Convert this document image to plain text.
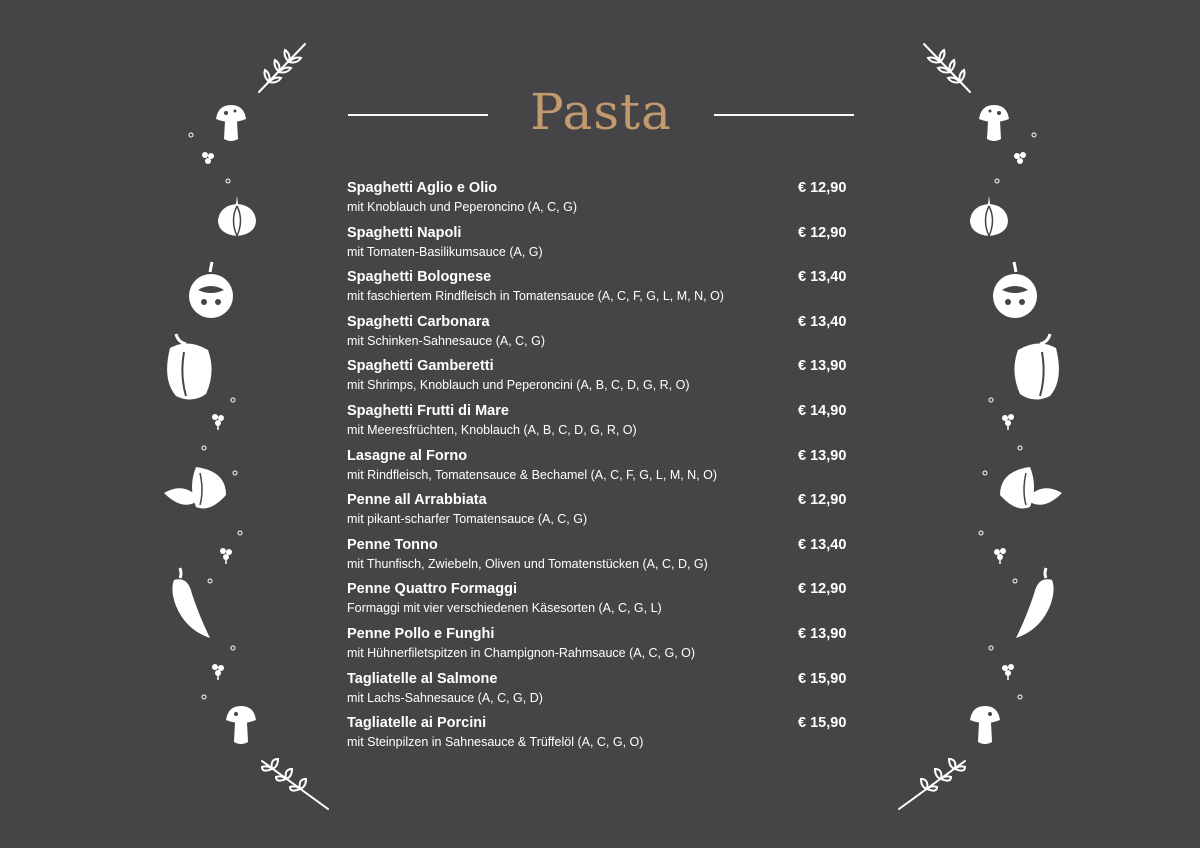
Pasta
Spaghetti Aglio e Olio
mit Knoblauch und Peperoncino (A, C, G)
€ 12,90
Spaghetti Napoli
mit Tomaten-Basilikumsauce (A, G)
€ 12,90
Spaghetti Bolognese
mit faschiertem Rindfleisch in Tomatensauce (A, C, F, G, L, M, N, O)
€ 13,40
Spaghetti Carbonara
mit Schinken-Sahnesauce (A, C, G)
€ 13,40
Spaghetti Gamberetti
mit Shrimps, Knoblauch und Peperoncini (A, B, C, D, G, R, O)
€ 13,90
Spaghetti Frutti di Mare
mit Meeresfrüchten, Knoblauch (A, B, C, D, G, R, O)
€ 14,90
Lasagne al Forno
mit Rindfleisch, Tomatensauce & Bechamel (A, C, F, G, L, M, N, O)
€ 13,90
Penne all Arrabbiata
mit pikant-scharfer Tomatensauce (A, C, G)
€ 12,90
Penne Tonno
mit Thunfisch, Zwiebeln, Oliven und Tomatenstücken (A, C, D, G)
€ 13,40
Penne Quattro Formaggi
Formaggi mit vier verschiedenen Käsesorten (A, C, G, L)
€ 12,90
Penne Pollo e Funghi
mit Hühnerfiletspitzen in Champignon-Rahmsauce (A, C, G, O)
€ 13,90
Tagliatelle al Salmone
mit Lachs-Sahnesauce (A, C, G, D)
€ 15,90
Tagliatelle ai Porcini
mit Steinpilzen in Sahnesauce & Trüffelöl (A, C, G, O)
€ 15,90
